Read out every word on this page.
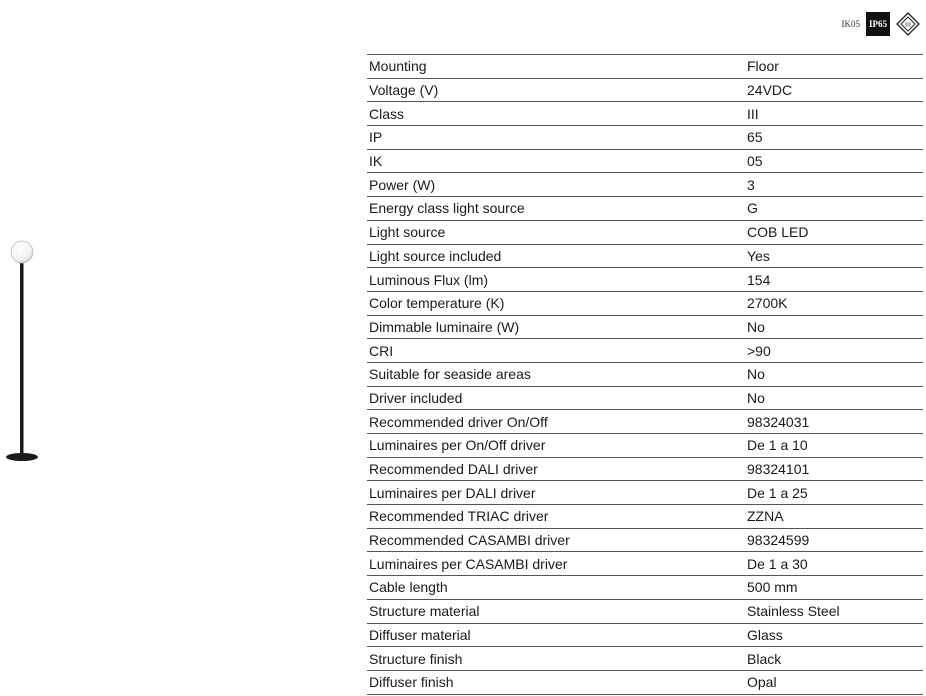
IK05	IP65	III
Mounting	Floor
Voltage (V)	24VDC
Class	III
IP	65
IK	05
Power (W)	3
Energy class light source	G
Light source	COB LED
Light source included	Yes
Luminous Flux (lm)	154
Color temperature (K)	2700K
Dimmable luminaire (W)	No
CRI	>90
Suitable for seaside areas	No
Driver included	No
Recommended driver On/Off	98324031
Luminaires per On/Off driver	De 1 a 10
Recommended DALI driver	98324101
Luminaires per DALI driver	De 1 a 25
Recommended TRIAC driver	ZZNA
Recommended CASAMBI driver	98324599
Luminaires per CASAMBI driver	De 1 a 30
Cable length	500 mm
Structure material	Stainless Steel
Diffuser material	Glass
Structure finish	Black
Diffuser finish	Opal
